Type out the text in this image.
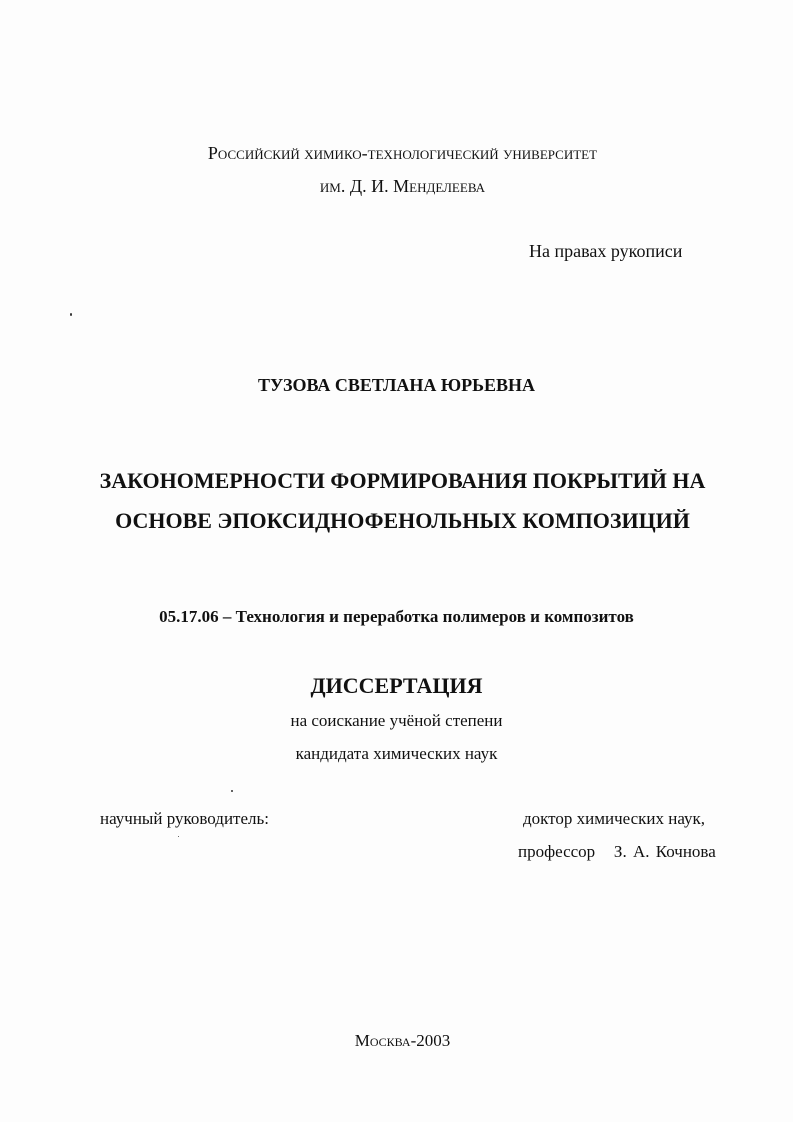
Российский химико-технологический университет
им. Д. И. Менделеева
На правах рукописи
ТУЗОВА СВЕТЛАНА ЮРЬЕВНА
ЗАКОНОМЕРНОСТИ ФОРМИРОВАНИЯ ПОКРЫТИЙ НА
ОСНОВЕ ЭПОКСИДНОФЕНОЛЬНЫХ КОМПОЗИЦИЙ
05.17.06 – Технология и переработка полимеров и композитов
ДИССЕРТАЦИЯ
на соискание учёной степени
кандидата химических наук
научный руководитель:	доктор химических наук,
профессор   З. А. Кочнова
Москва-2003
